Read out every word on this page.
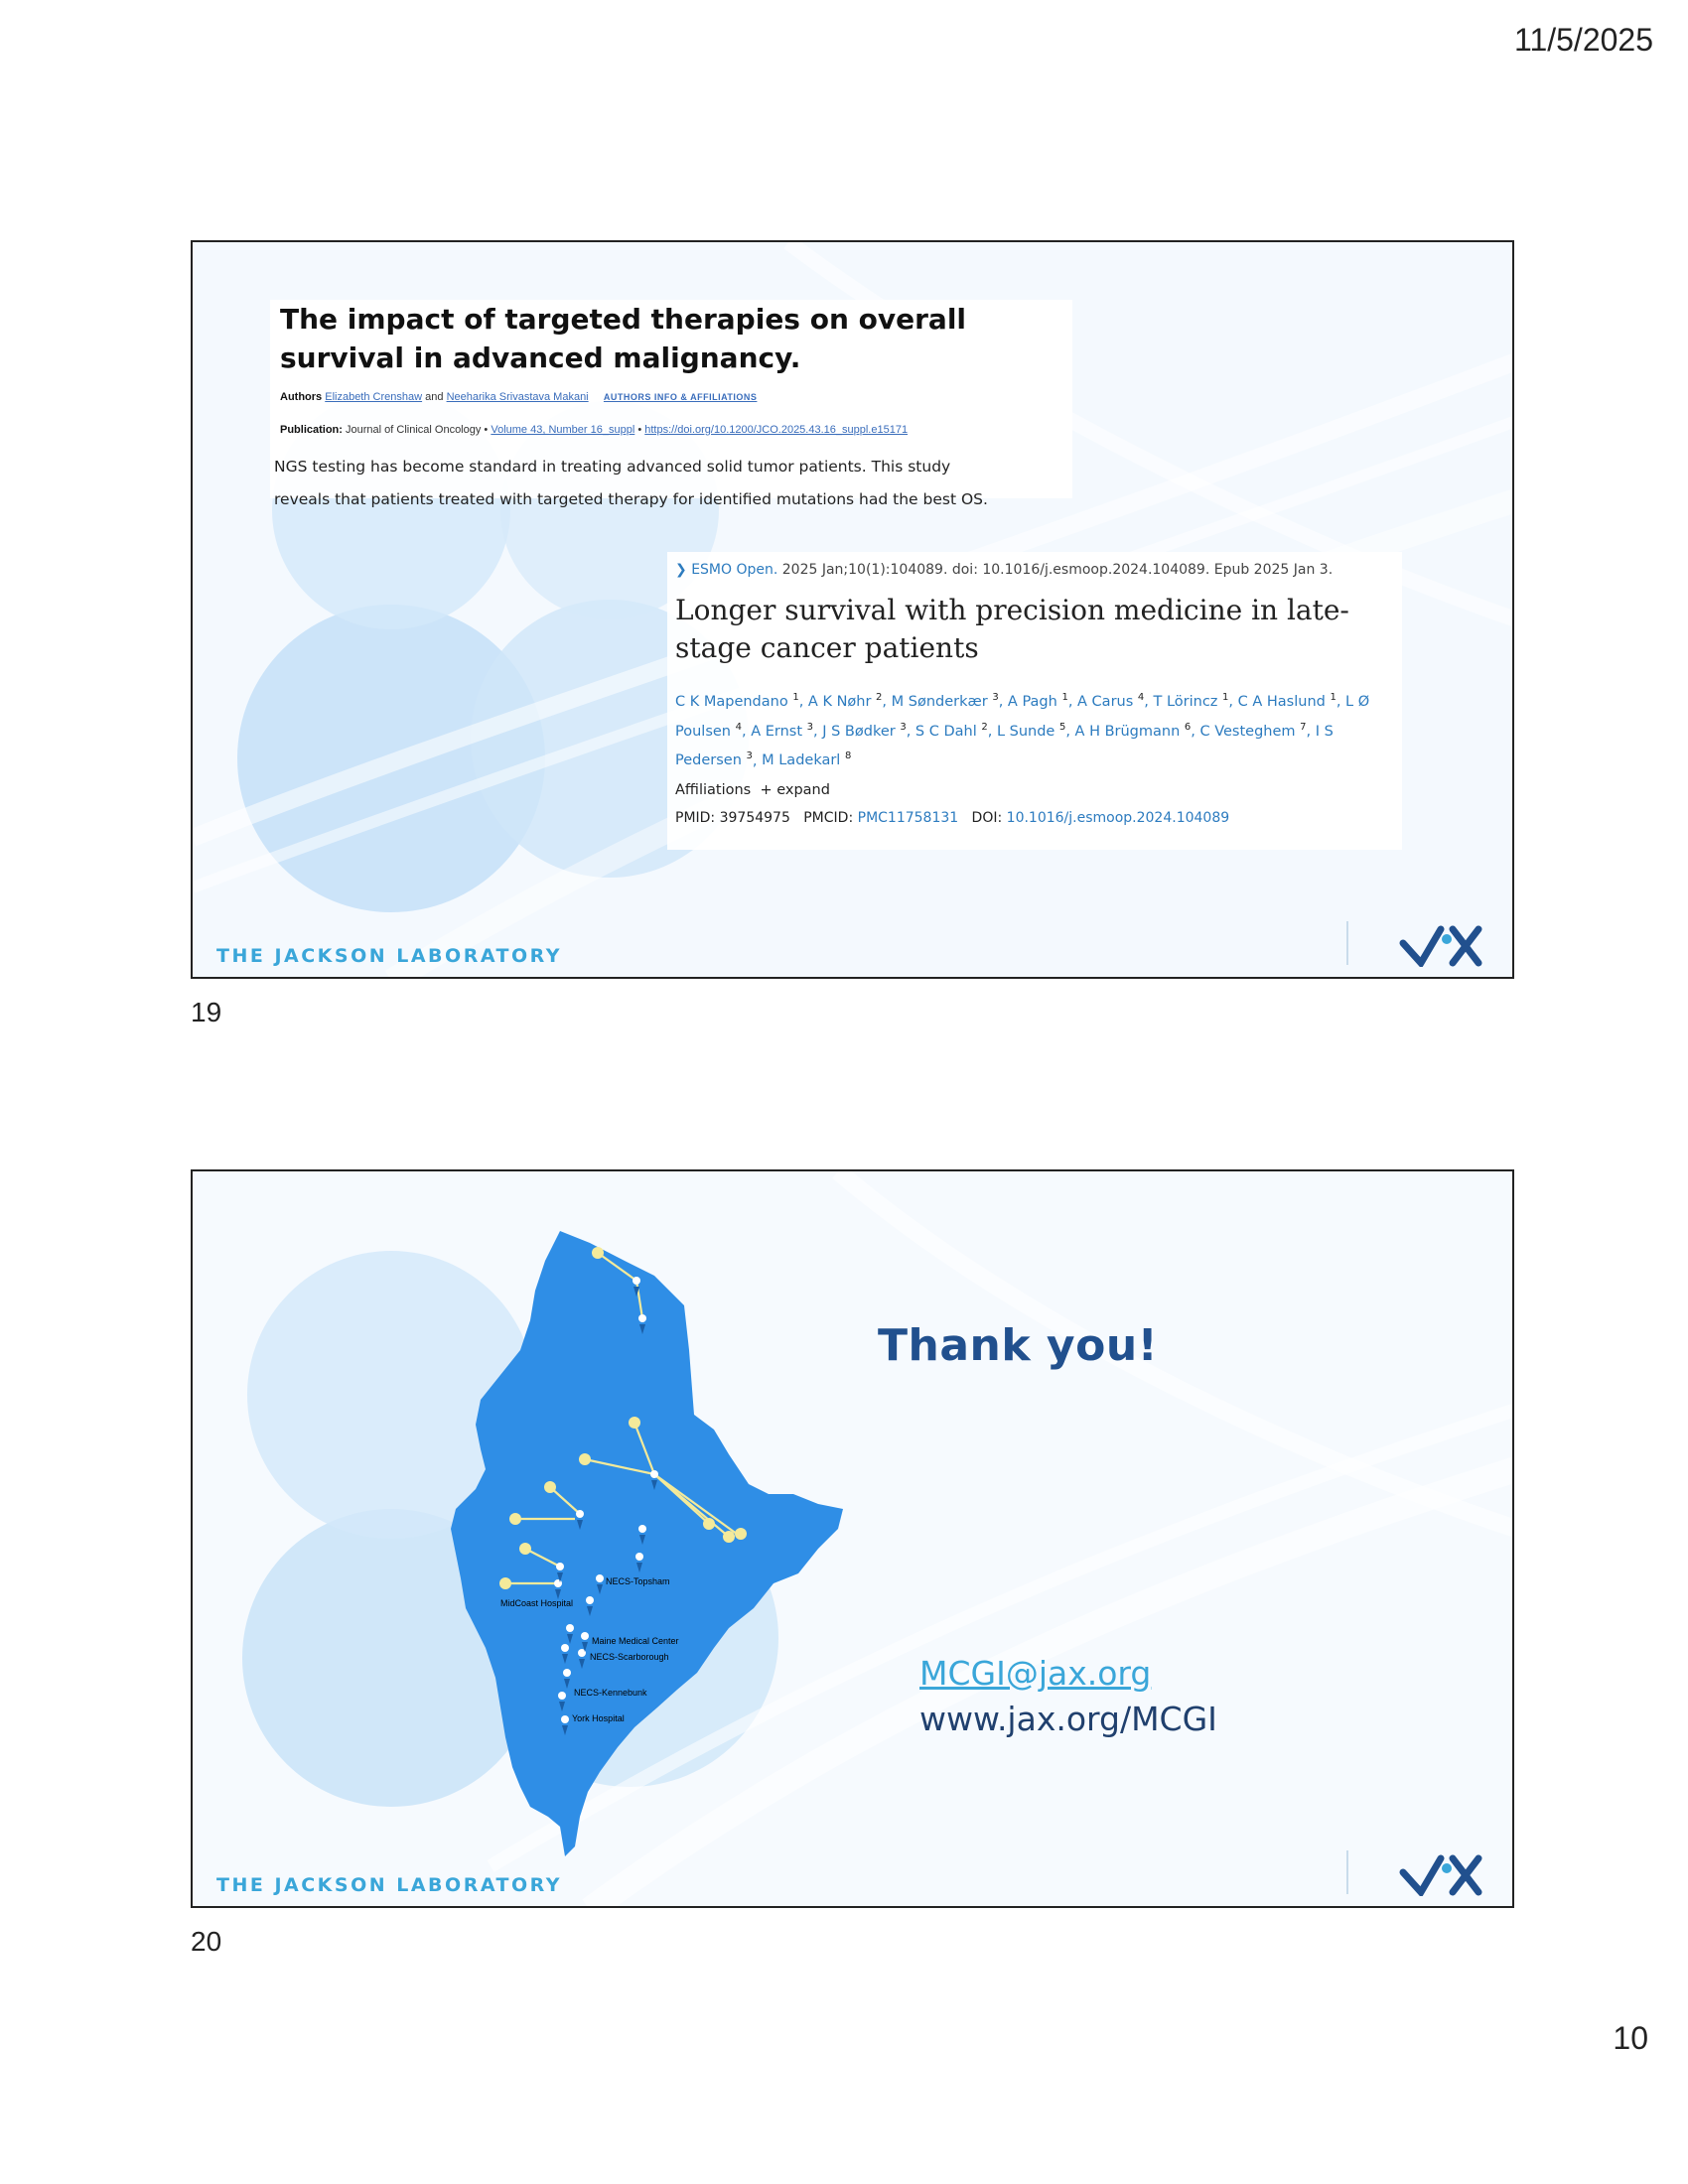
11/5/2025
The impact of targeted therapies on overall survival in advanced malignancy.
Authors Elizabeth Crenshaw and Neeharika Srivastava Makani AUTHORS INFO & AFFILIATIONS
Publication: Journal of Clinical Oncology • Volume 43, Number 16_suppl • https://doi.org/10.1200/JCO.2025.43.16_suppl.e15171
NGS testing has become standard in treating advanced solid tumor patients. This study
reveals that patients treated with targeted therapy for identified mutations had the best OS.
❯ ESMO Open. 2025 Jan;10(1):104089. doi: 10.1016/j.esmoop.2024.104089. Epub 2025 Jan 3.
Longer survival with precision medicine in late-stage cancer patients
C K Mapendano $^1$, A K Nøhr $^2$, M Sønderkær $^3$, A Pagh $^1$, A Carus $^4$, T Lörincz $^1$, C A Haslund $^1$, L Ø Poulsen $^4$, A Ernst $^3$, J S Bødker $^3$, S C Dahl $^2$, L Sunde $^5$, A H Brügmann $^6$, C Vesteghem $^7$, I S Pedersen $^3$, M Ladekarl $^8$
Affiliations + expand
PMID: 39754975 PMCID: PMC11758131 DOI: 10.1016/j.esmoop.2024.104089
THE JACKSON LABORATORY
19
NECS-Topsham
MidCoast Hospital
Maine Medical Center
NECS-Scarborough
NECS-Kennebunk
York Hospital
Thank you!
MCGI@jax.org
www.jax.org/MCGI
THE JACKSON LABORATORY
20
10
